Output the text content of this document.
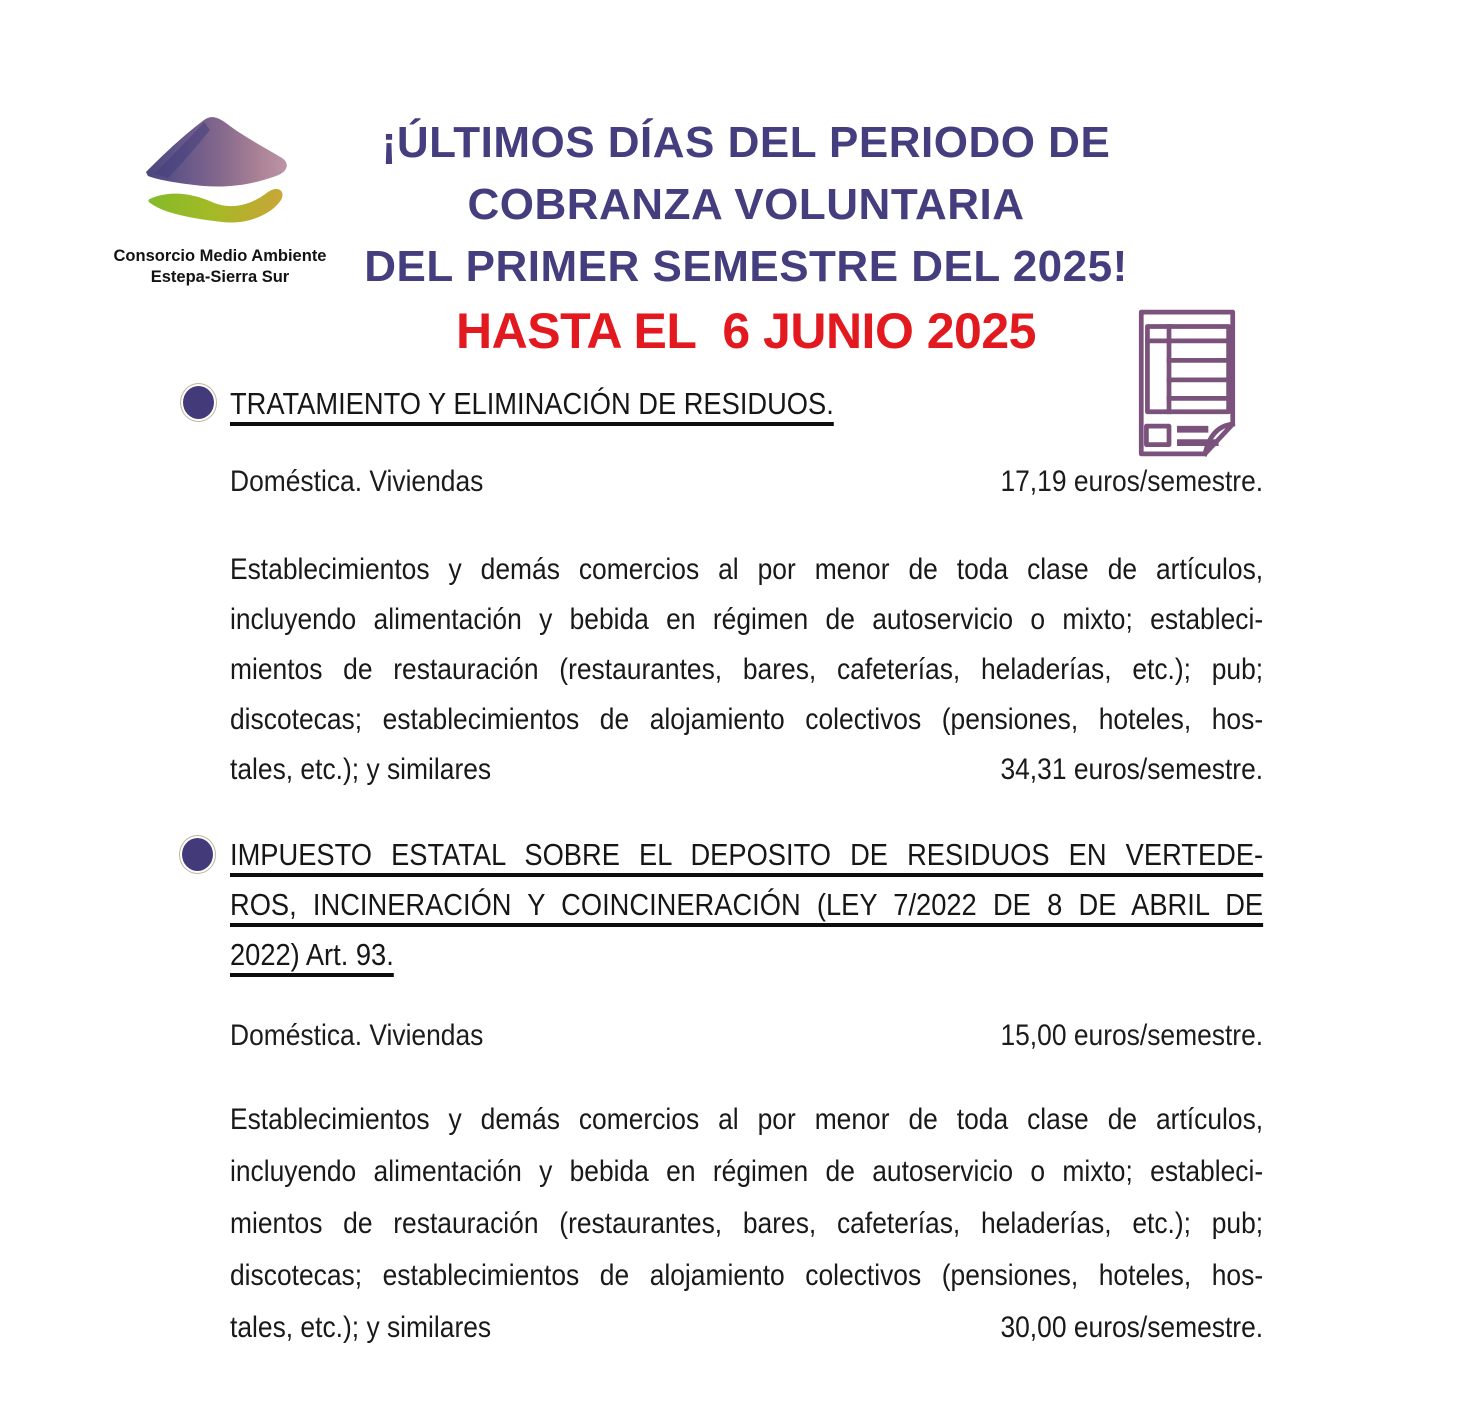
Consorcio Medio Ambiente
Estepa-Sierra Sur
¡ÚLTIMOS DÍAS DEL PERIODO DE
COBRANZA VOLUNTARIA
DEL PRIMER SEMESTRE DEL 2025!
HASTA EL  6 JUNIO 2025
TRATAMIENTO Y ELIMINACIÓN DE RESIDUOS.
Doméstica. Viviendas	17,19 euros/semestre.
Establecimientos y demás comercios al por menor de toda clase de artículos,
incluyendo alimentación y bebida en régimen de autoservicio o mixto; estableci-
mientos de restauración (restaurantes, bares, cafeterías, heladerías, etc.); pub;
discotecas; establecimientos de alojamiento colectivos (pensiones, hoteles, hos-
tales, etc.); y similares	34,31 euros/semestre.
IMPUESTO ESTATAL SOBRE EL DEPOSITO DE RESIDUOS EN VERTEDE-
ROS, INCINERACIÓN Y COINCINERACIÓN (LEY 7/2022 DE 8 DE ABRIL DE
2022) Art. 93.
Doméstica. Viviendas	15,00 euros/semestre.
Establecimientos y demás comercios al por menor de toda clase de artículos,
incluyendo alimentación y bebida en régimen de autoservicio o mixto; estableci-
mientos de restauración (restaurantes, bares, cafeterías, heladerías, etc.); pub;
discotecas; establecimientos de alojamiento colectivos (pensiones, hoteles, hos-
tales, etc.); y similares	30,00 euros/semestre.
